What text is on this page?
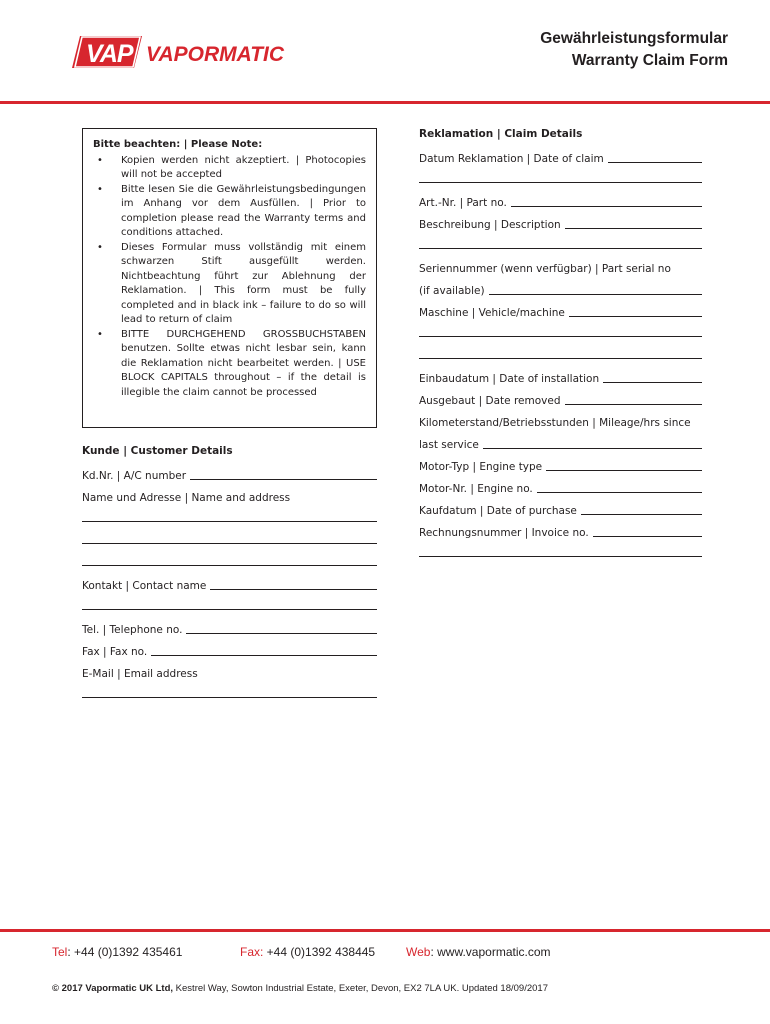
VAP VAPORMATIC
Gewährleistungsformular
Warranty Claim Form
Bitte beachten: | Please Note:
• Kopien werden nicht akzeptiert. | Photocopies will not be accepted
• Bitte lesen Sie die Gewährleistungsbedingungen im Anhang vor dem Ausfüllen. | Prior to completion please read the Warranty terms and conditions attached.
• Dieses Formular muss vollständig mit einem schwarzen Stift ausgefüllt werden. Nichtbeachtung führt zur Ablehnung der Reklamation. | This form must be fully completed and in black ink – failure to do so will lead to return of claim
• BITTE DURCHGEHEND GROSSBUCHSTABEN benutzen. Sollte etwas nicht lesbar sein, kann die Reklamation nicht bearbeitet werden. | USE BLOCK CAPITALS throughout – if the detail is illegible the claim cannot be processed
Kunde | Customer Details
Kd.Nr. | A/C number
Name und Adresse | Name and address
Kontakt | Contact name
Tel. | Telephone no.
Fax | Fax no.
E-Mail | Email address
Reklamation | Claim Details
Datum Reklamation | Date of claim
Art.-Nr. | Part no.
Beschreibung | Description
Seriennummer (wenn verfügbar) | Part serial no
(if available)
Maschine | Vehicle/machine
Einbaudatum | Date of installation
Ausgebaut | Date removed
Kilometerstand/Betriebsstunden | Mileage/hrs since
last service
Motor-Typ | Engine type
Motor-Nr. | Engine no.
Kaufdatum | Date of purchase
Rechnungsnummer | Invoice no.
Tel: +44 (0)1392 435461	Fax: +44 (0)1392 438445	Web: www.vapormatic.com
© 2017 Vapormatic UK Ltd, Kestrel Way, Sowton Industrial Estate, Exeter, Devon, EX2 7LA UK. Updated 18/09/2017
